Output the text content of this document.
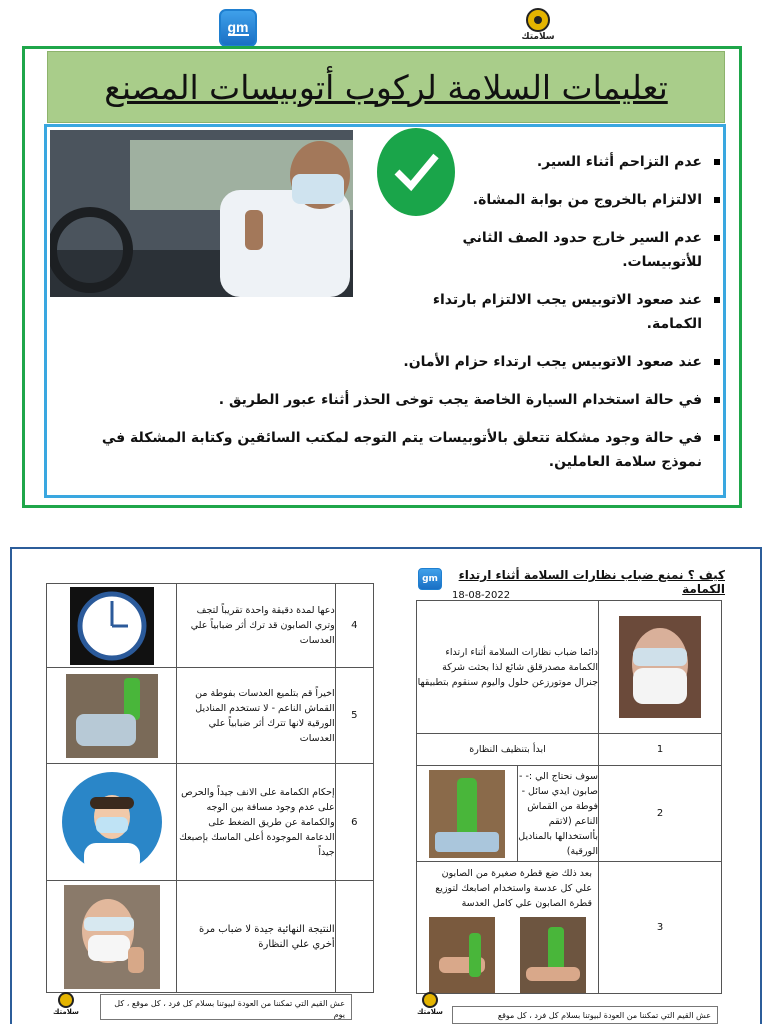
gm
سلامتك
تعليمات السلامة لركوب أتوبيسات المصنع
عدم التزاحم أثناء السير.
الالتزام بالخروج من بوابة المشاة.
عدم السير خارج حدود الصف الثاني للأتوبيسات.
عند صعود الاتوبيس يجب الالتزام بارتداء الكمامة.
عند صعود الاتوبيس يجب ارتداء حزام الأمان.
في حالة استخدام السيارة الخاصة يجب توخى الحذر أثناء عبور الطريق .
في حالة وجود مشكلة تتعلق بالأتوبيسات يتم التوجه لمكتب السائقين وكتابة المشكلة في نموذج سلامة العاملين.
gm	كيف ؟ نمنع ضباب نظارات السلامة أثناء ارتداء الكمامة
18-08-2022
دائما ضباب نظارات السلامة أثناء ارتداء الكمامة مصدرقلق شائع لذا بحثت شركة جنرال موتورزعن حلول واليوم سنقوم بتطبيقها	

ابدأ بتنظيف النظارة		1

	سوف نحتاج الي :- - صابون ايدي سائل - فوطة من القماش الناعم (لاتقم بأاستخدالها بالمناديل الورقية)	2

بعد ذلك ضع قطرة صغيرة من الصابون علي كل عدسة واستخدام اصابعك لتوزيع قطرة الصابون علي كامل العدسة		3
	دعها لمدة دقيقة واحدة تقريباً لتجف وتري الصابون قد ترك أثر ضبابياً علي العدسات	4

	اخيراً قم بتلميع العدسات بفوطة من القماش الناعم - لا تستخدم المناديل الورقية لانها تترك أثر ضبابياً علي العدسات	5

	إحكام الكمامة على الانف جيداً والحرص على عدم وجود مسافة بين الوجه والكمامة عن طريق الضغط على الدعامة الموجودة أعلى الماسك بإصبعك جيداً	6

	النتيجة النهائية جيدة لا ضباب مرة أخري علي النظارة	
سلامتك
عش القيم التي تمكننا من العودة لبيوتنا بسلام كل فرد ، كل موقع ، كل يوم	سلامتك	عش القيم التي تمكننا من العودة لبيوتنا بسلام كل فرد ، كل موقع
